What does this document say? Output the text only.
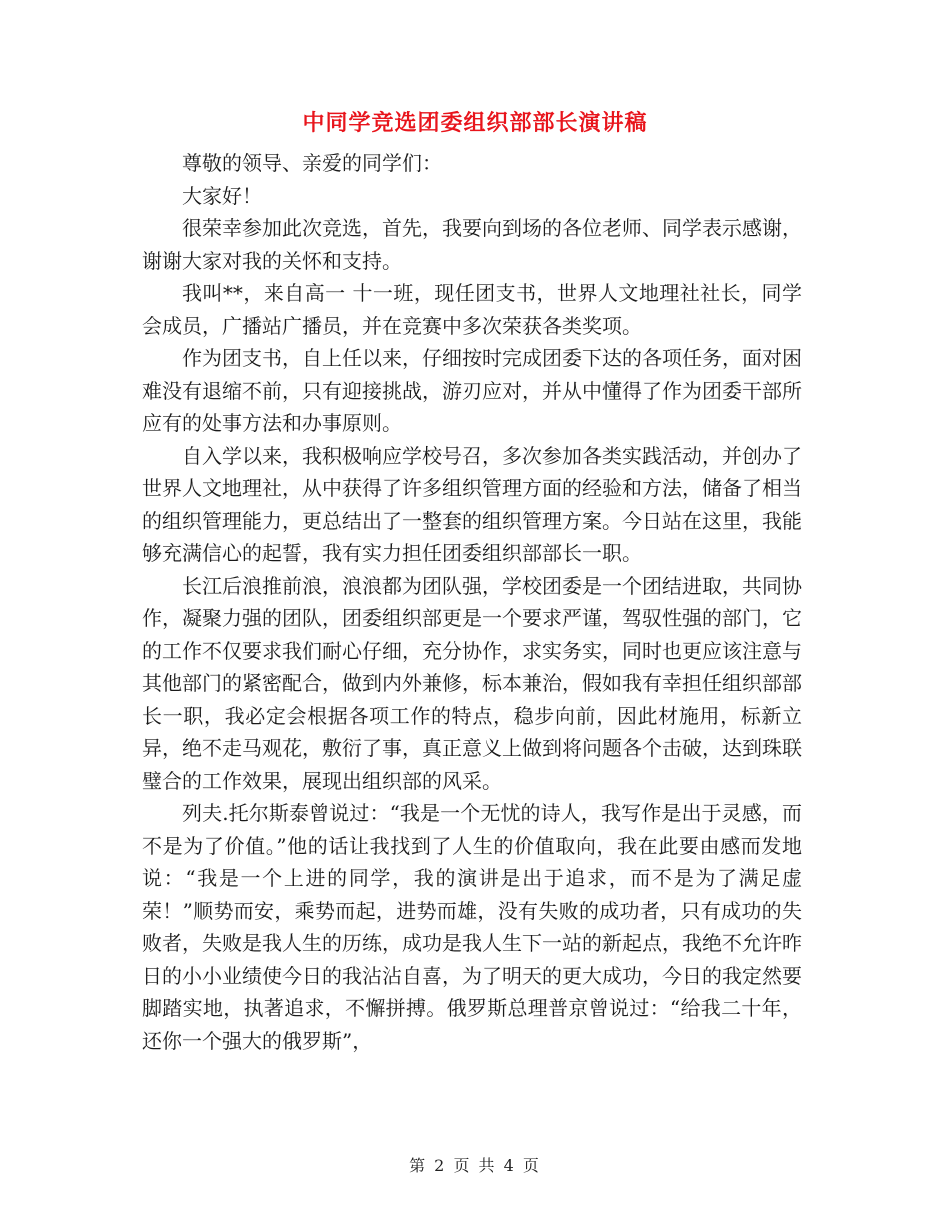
中同学竞选团委组织部部长演讲稿

尊敬的领导、亲爱的同学们：

大家好！

很荣幸参加此次竞选，首先，我要向到场的各位老师、同学表示感谢，谢谢大家对我的关怀和支持。

我叫**，来自高一 十一班，现任团支书，世界人文地理社社长，同学会成员，广播站广播员，并在竞赛中多次荣获各类奖项。

作为团支书，自上任以来，仔细按时完成团委下达的各项任务，面对困难没有退缩不前，只有迎接挑战，游刃应对，并从中懂得了作为团委干部所应有的处事方法和办事原则。

自入学以来，我积极响应学校号召，多次参加各类实践活动，并创办了世界人文地理社，从中获得了许多组织管理方面的经验和方法，储备了相当的组织管理能力，更总结出了一整套的组织管理方案。今日站在这里，我能够充满信心的起誓，我有实力担任团委组织部部长一职。

长江后浪推前浪，浪浪都为团队强，学校团委是一个团结进取，共同协作，凝聚力强的团队，团委组织部更是一个要求严谨，驾驭性强的部门，它的工作不仅要求我们耐心仔细，充分协作，求实务实，同时也更应该注意与其他部门的紧密配合，做到内外兼修，标本兼治，假如我有幸担任组织部部长一职，我必定会根据各项工作的特点，稳步向前，因此材施用，标新立异，绝不走马观花，敷衍了事，真正意义上做到将问题各个击破，达到珠联璧合的工作效果，展现出组织部的风采。

列夫.托尔斯泰曾说过：“我是一个无忧的诗人，我写作是出于灵感，而不是为了价值。”他的话让我找到了人生的价值取向，我在此要由感而发地说：“我是一个上进的同学，我的演讲是出于追求，而不是为了满足虚荣！”顺势而安，乘势而起，进势而雄，没有失败的成功者，只有成功的失败者，失败是我人生的历练，成功是我人生下一站的新起点，我绝不允许昨日的小小业绩使今日的我沾沾自喜，为了明天的更大成功，今日的我定然要脚踏实地，执著追求，不懈拼搏。俄罗斯总理普京曾说过：“给我二十年，还你一个强大的俄罗斯”，

第 2 页 共 4 页
